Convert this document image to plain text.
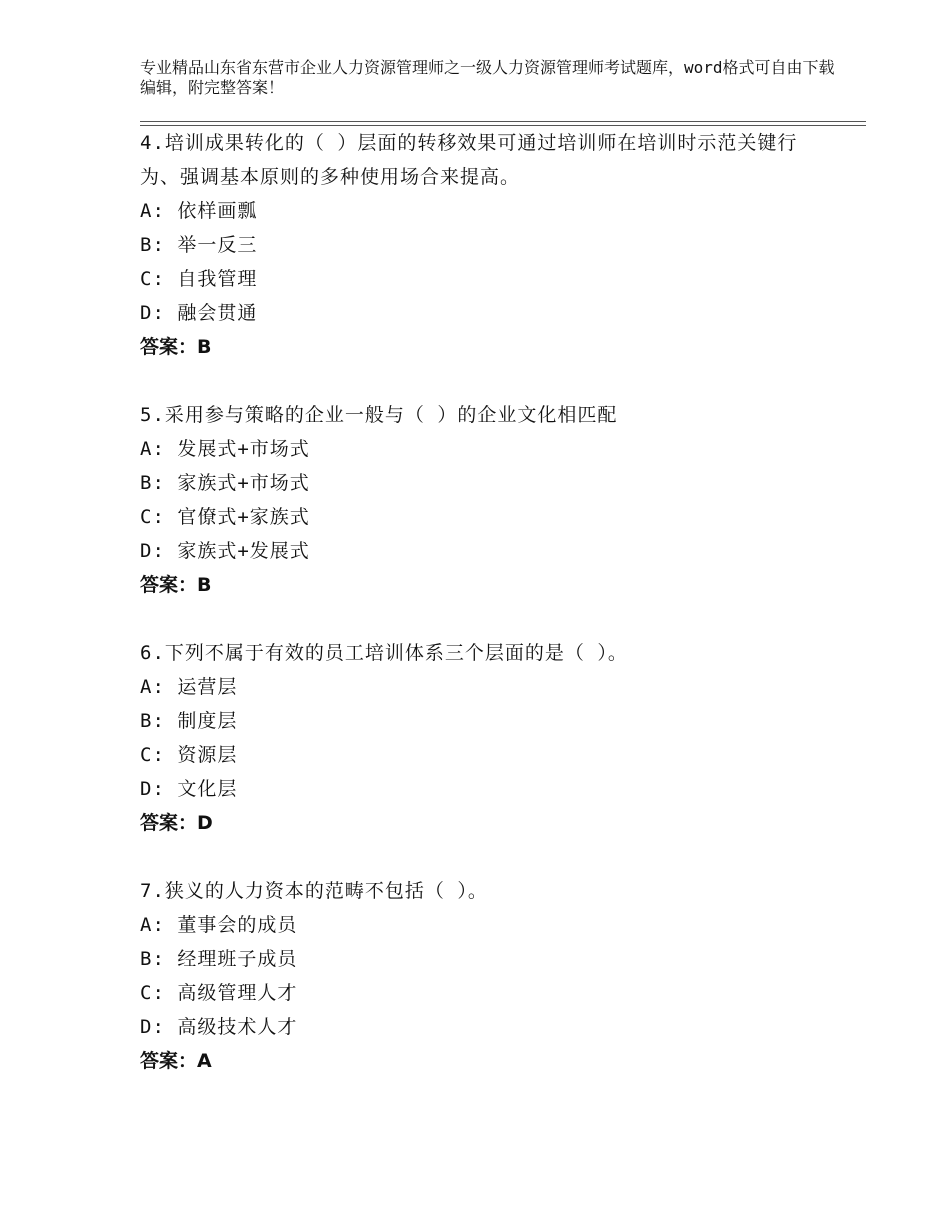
专业精品山东省东营市企业人力资源管理师之一级人力资源管理师考试题库，word格式可自由下载编辑，附完整答案！
4.培训成果转化的（ ）层面的转移效果可通过培训师在培训时示范关键行为、强调基本原则的多种使用场合来提高。
A: 依样画瓢
B: 举一反三
C: 自我管理
D: 融会贯通
答案：B
5.采用参与策略的企业一般与（ ）的企业文化相匹配
A: 发展式+市场式
B: 家族式+市场式
C: 官僚式+家族式
D: 家族式+发展式
答案：B
6.下列不属于有效的员工培训体系三个层面的是（ ）。
A: 运营层
B: 制度层
C: 资源层
D: 文化层
答案：D
7.狭义的人力资本的范畴不包括（ ）。
A: 董事会的成员
B: 经理班子成员
C: 高级管理人才
D: 高级技术人才
答案：A
